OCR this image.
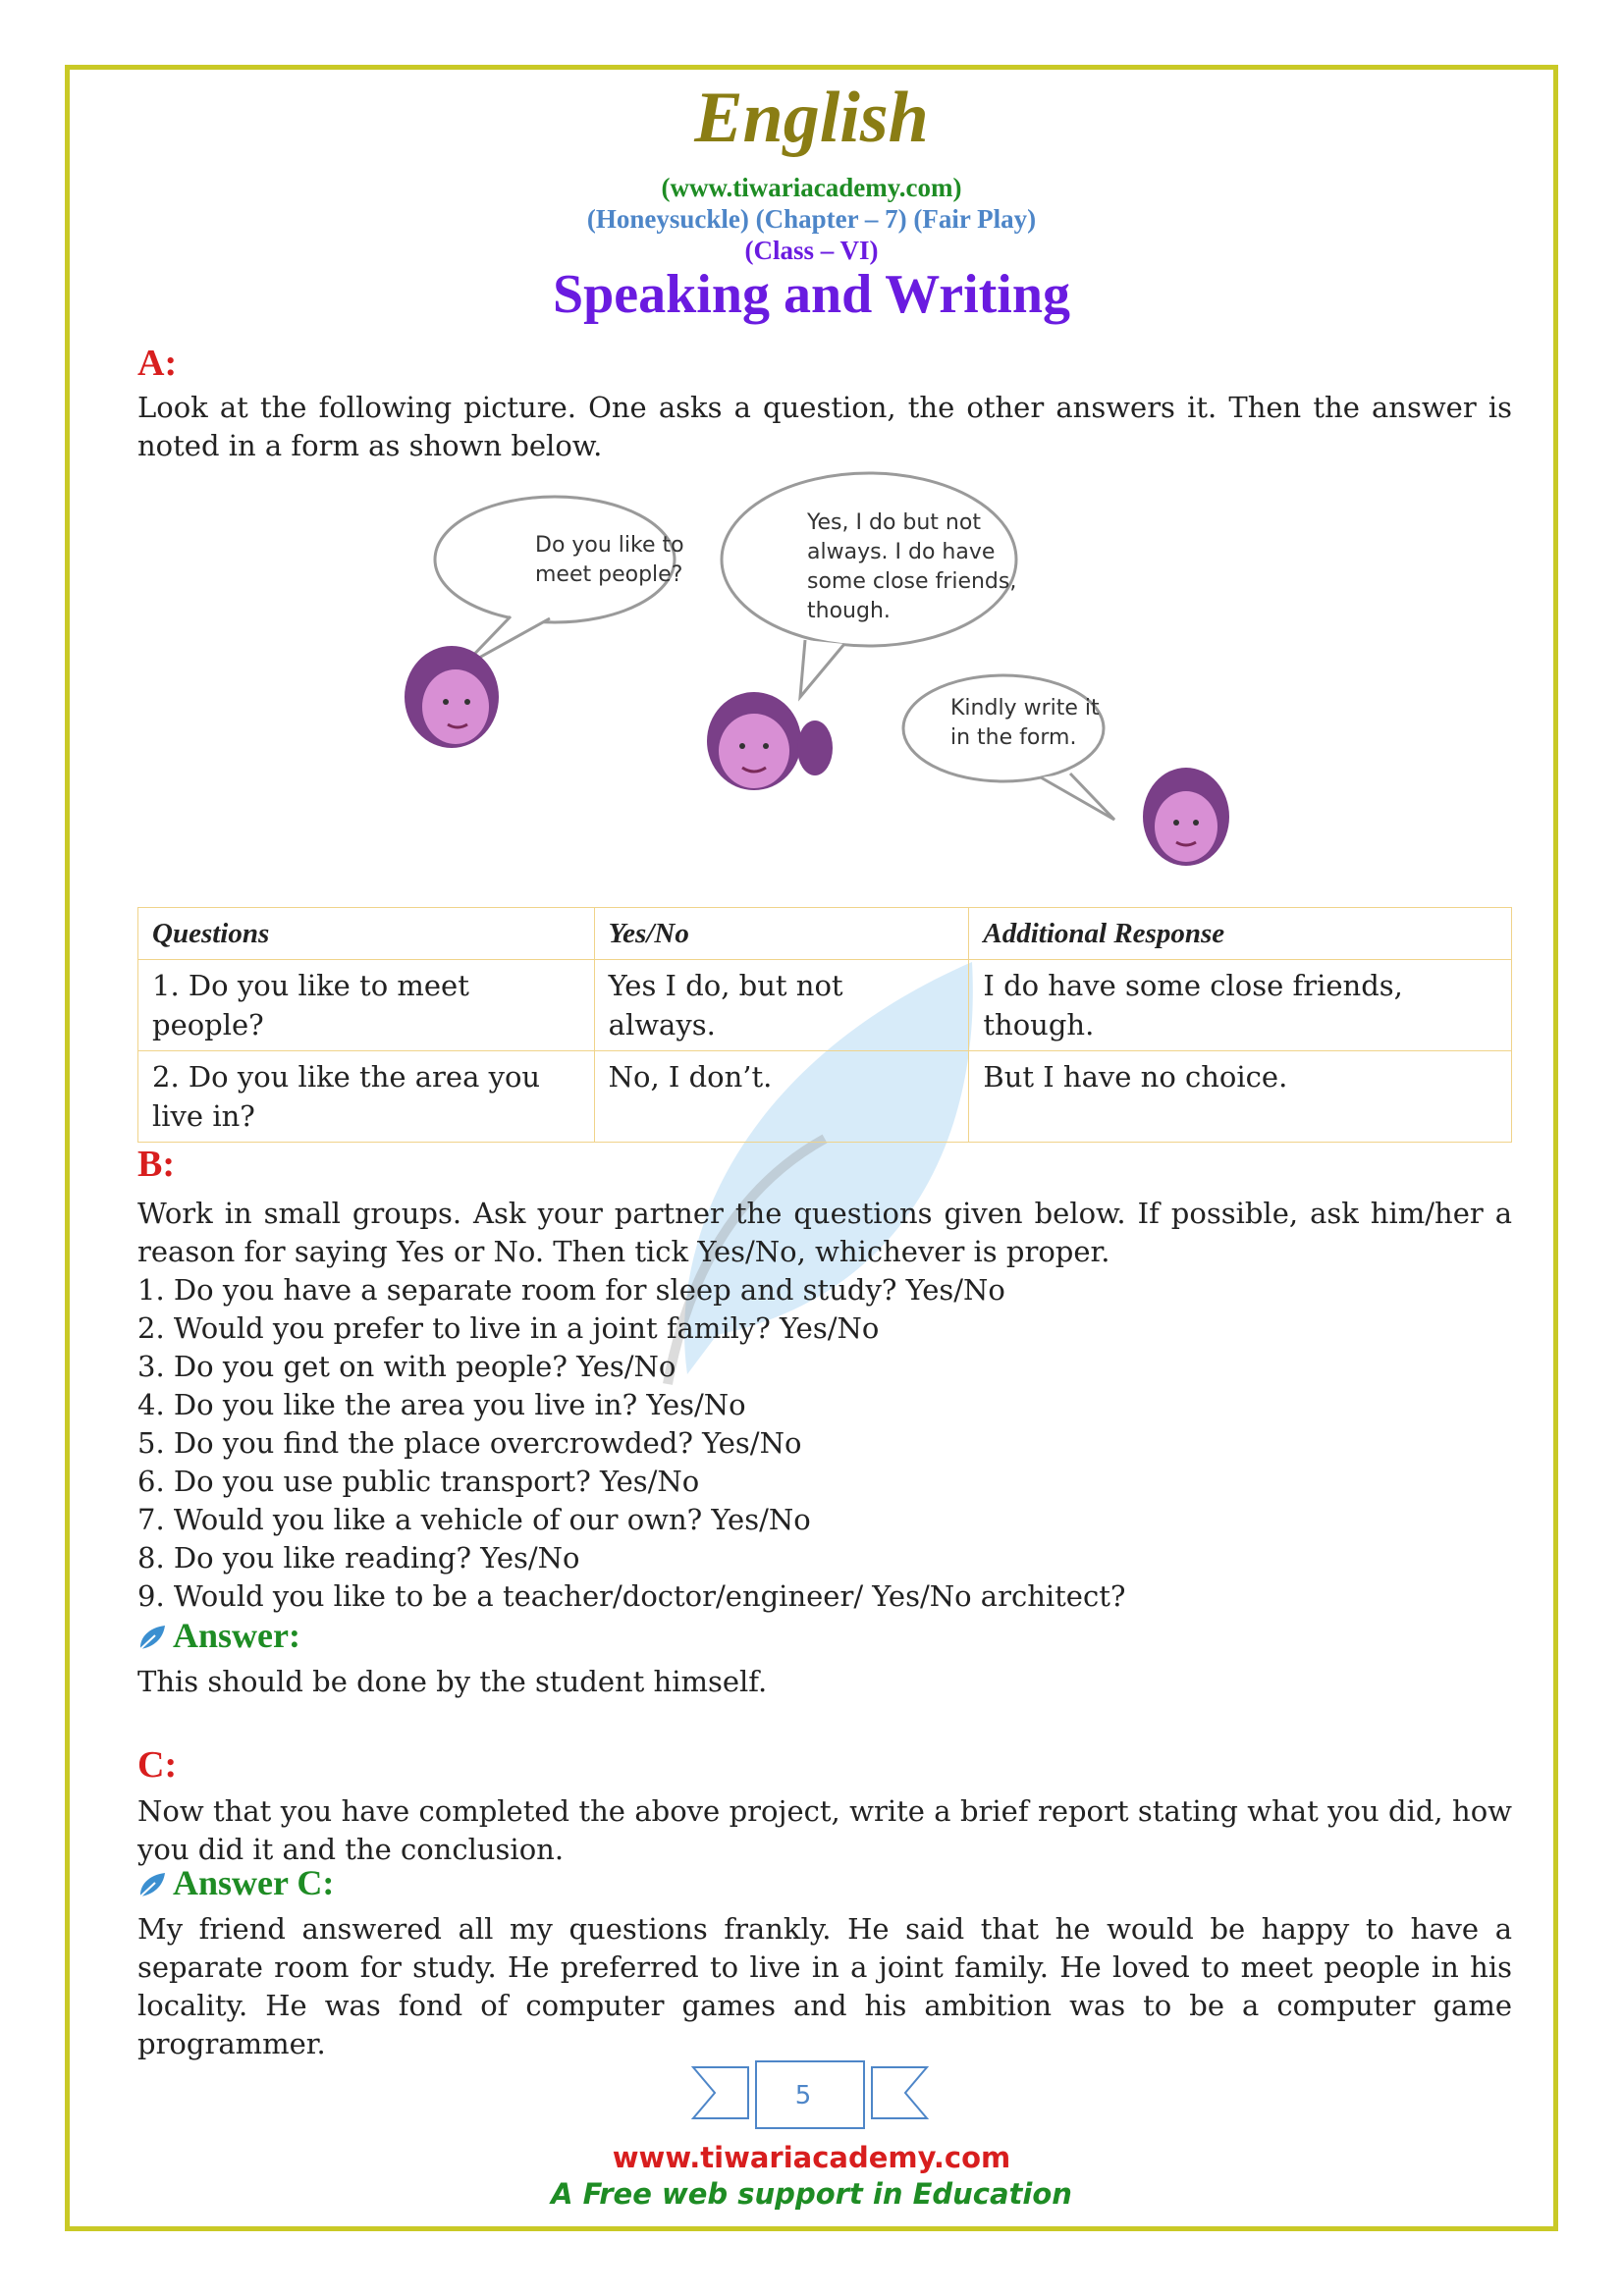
English
(www.tiwariacademy.com)
(Honeysuckle) (Chapter – 7) (Fair Play)
(Class – VI)
Speaking and Writing
A:
Look at the following picture. One asks a question, the other answers it. Then the answer is noted in a form as shown below.
Do you like to
meet people?
Yes, I do but not
always. I do have
some close friends,
though.
Kindly write it
in the form.
Questions	Yes/No	Additional Response
1. Do you like to meet people?	Yes I do, but not always.	I do have some close friends, though.
2. Do you like the area you live in?	No, I don’t.	But I have no choice.
B:
Work in small groups. Ask your partner the questions given below. If possible, ask him/her a reason for saying Yes or No. Then tick Yes/No, whichever is proper.
1. Do you have a separate room for sleep and study? Yes/No
2. Would you prefer to live in a joint family? Yes/No
3. Do you get on with people? Yes/No
4. Do you like the area you live in? Yes/No
5. Do you find the place overcrowded? Yes/No
6. Do you use public transport? Yes/No
7. Would you like a vehicle of our own? Yes/No
8. Do you like reading? Yes/No
9. Would you like to be a teacher/doctor/engineer/ Yes/No architect?
Answer:
This should be done by the student himself.
C:
Now that you have completed the above project, write a brief report stating what you did, how you did it and the conclusion.
Answer C:
My friend answered all my questions frankly. He said that he would be happy to have a separate room for study. He preferred to live in a joint family. He loved to meet people in his locality. He was fond of computer games and his ambition was to be a computer game programmer.
5
www.tiwariacademy.com
A Free web support in Education
